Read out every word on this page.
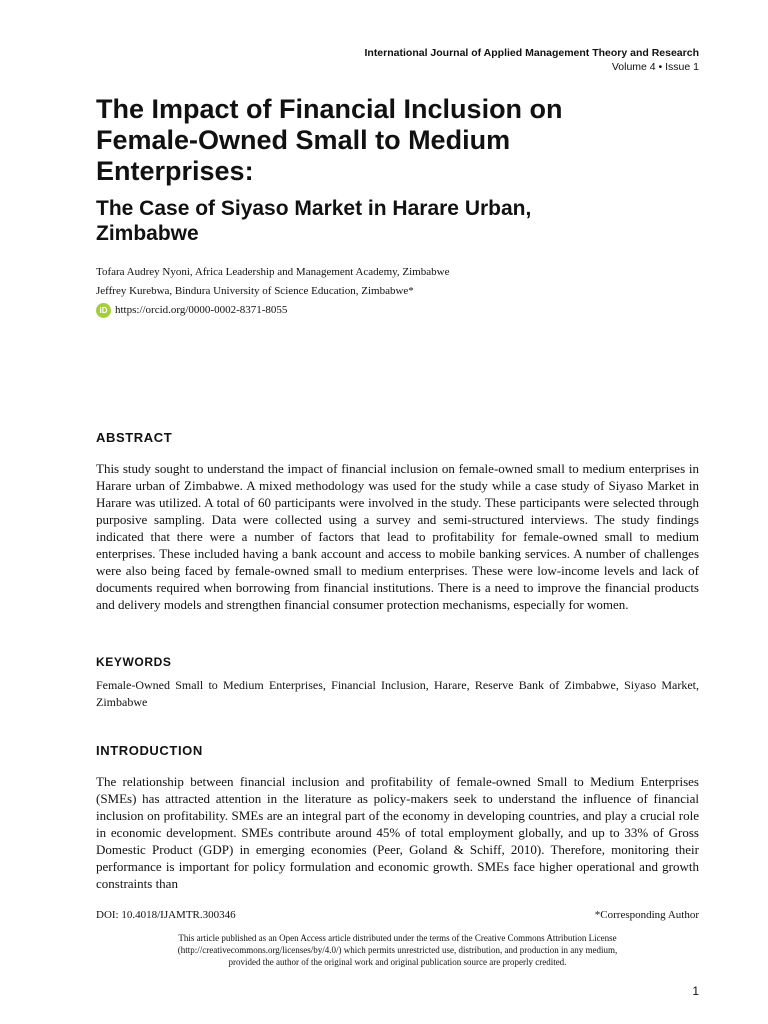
International Journal of Applied Management Theory and Research
Volume 4 • Issue 1
The Impact of Financial Inclusion on Female-Owned Small to Medium Enterprises:
The Case of Siyaso Market in Harare Urban, Zimbabwe
Tofara Audrey Nyoni, Africa Leadership and Management Academy, Zimbabwe
Jeffrey Kurebwa, Bindura University of Science Education, Zimbabwe*
iD https://orcid.org/0000-0002-8371-8055
ABSTRACT

This study sought to understand the impact of financial inclusion on female-owned small to medium enterprises in Harare urban of Zimbabwe. A mixed methodology was used for the study while a case study of Siyaso Market in Harare was utilized. A total of 60 participants were involved in the study. These participants were selected through purposive sampling. Data were collected using a survey and semi-structured interviews. The study findings indicated that there were a number of factors that lead to profitability for female-owned small to medium enterprises. These included having a bank account and access to mobile banking services. A number of challenges were also being faced by female-owned small to medium enterprises. These were low-income levels and lack of documents required when borrowing from financial institutions. There is a need to improve the financial products and delivery models and strengthen financial consumer protection mechanisms, especially for women.

KEYWORDS

Female-Owned Small to Medium Enterprises, Financial Inclusion, Harare, Reserve Bank of Zimbabwe, Siyaso Market, Zimbabwe

INTRODUCTION

The relationship between financial inclusion and profitability of female-owned Small to Medium Enterprises (SMEs) has attracted attention in the literature as policy-makers seek to understand the influence of financial inclusion on profitability. SMEs are an integral part of the economy in developing countries, and play a crucial role in economic development. SMEs contribute around 45% of total employment globally, and up to 33% of Gross Domestic Product (GDP) in emerging economies (Peer, Goland & Schiff, 2010). Therefore, monitoring their performance is important for policy formulation and economic growth. SMEs face higher operational and growth constraints than

DOI: 10.4018/IJAMTR.300346	*Corresponding Author
This article published as an Open Access article distributed under the terms of the Creative Commons Attribution License
(http://creativecommons.org/licenses/by/4.0/) which permits unrestricted use, distribution, and production in any medium,
provided the author of the original work and original publication source are properly credited.
1
